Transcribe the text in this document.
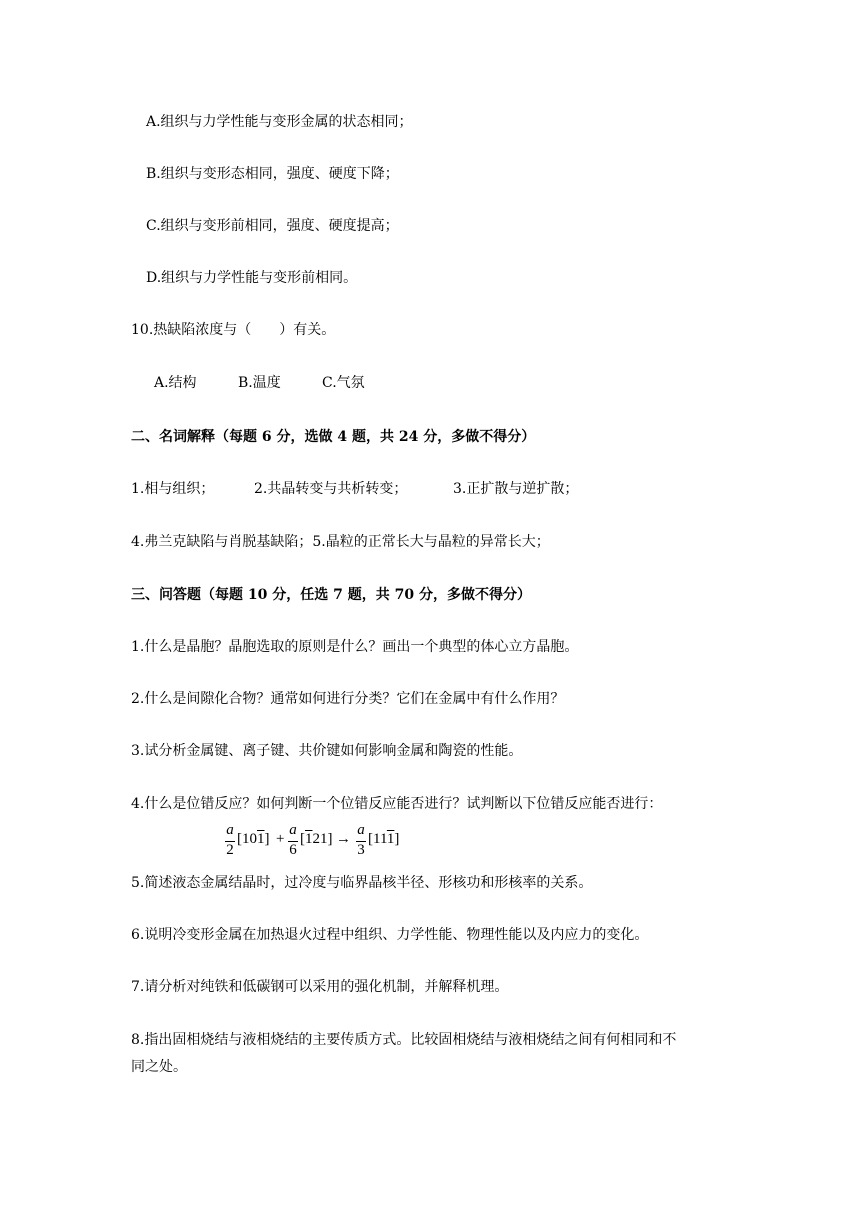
A.组织与力学性能与变形金属的状态相同；
B.组织与变形态相同，强度、硬度下降；
C.组织与变形前相同，强度、硬度提高；
D.组织与力学性能与变形前相同。
10.热缺陷浓度与（　　）有关。
A.结构	B.温度	C.气氛
二、名词解释（每题 6 分，选做 4 题，共 24 分，多做不得分）
1.相与组织；	2.共晶转变与共析转变；	3.正扩散与逆扩散；
4.弗兰克缺陷与肖脱基缺陷；5.晶粒的正常长大与晶粒的异常长大；
三、问答题（每题 10 分，任选 7 题，共 70 分，多做不得分）
1.什么是晶胞？晶胞选取的原则是什么？画出一个典型的体心立方晶胞。
2.什么是间隙化合物？通常如何进行分类？它们在金属中有什么作用？
3.试分析金属键、离子键、共价键如何影响金属和陶瓷的性能。
4.什么是位错反应？如何判断一个位错反应能否进行？试判断以下位错反应能否进行：
a
2
[101] +
a
6
[121] →
a
3
[111]
5.简述液态金属结晶时，过冷度与临界晶核半径、形核功和形核率的关系。
6.说明冷变形金属在加热退火过程中组织、力学性能、物理性能以及内应力的变化。
7.请分析对纯铁和低碳钢可以采用的强化机制，并解释机理。
8.指出固相烧结与液相烧结的主要传质方式。比较固相烧结与液相烧结之间有何相同和不
同之处。
